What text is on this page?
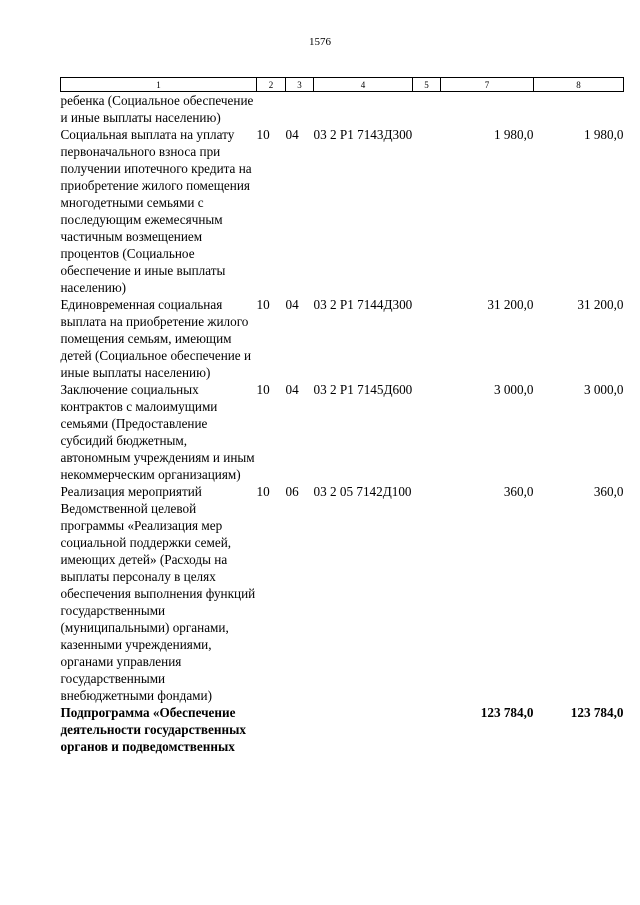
1576
1	2	3	4	5	7	8
ребенка (Социальное обеспечение и иные выплаты населению)						
Социальная выплата на уплату первоначального взноса при получении ипотечного кредита на приобретение жилого помещения многодетными семьями с последующим ежемесячным частичным возмещением процентов (Социальное обеспечение и иные выплаты населению)	10	04	03 2 Р1 7143Д300		1 980,0	1 980,0
Единовременная социальная выплата на приобретение жилого помещения семьям, имеющим детей (Социальное обеспечение и иные выплаты населению)	10	04	03 2 Р1 7144Д300		31 200,0	31 200,0
Заключение социальных контрактов с малоимущими семьями (Предоставление субсидий бюджетным, автономным учреждениям и иным некоммерческим организациям)	10	04	03 2 Р1 7145Д600		3 000,0	3 000,0
Реализация мероприятий Ведомственной целевой программы «Реализация мер социальной поддержки семей, имеющих детей» (Расходы на выплаты персоналу в целях обеспечения выполнения функций государственными (муниципальными) органами, казенными учреждениями, органами управления государственными внебюджетными фондами)	10	06	03 2 05 7142Д100		360,0	360,0
Подпрограмма «Обеспечение деятельности государственных органов и подведомственных					123 784,0	123 784,0
